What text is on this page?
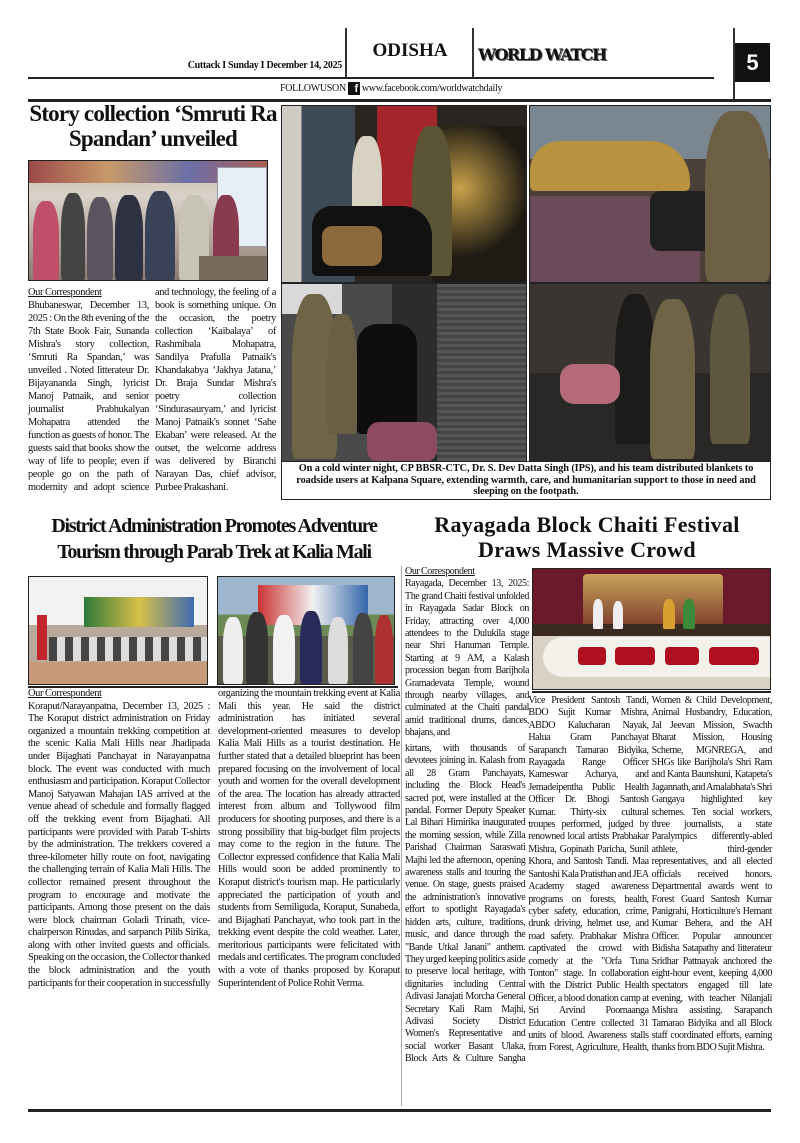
Cuttack I Sunday I December 14, 2025
ODISHA	WORLD WATCH	5
FOLLOWUSON f www.facebook.com/worldwatchdaily
Story collection ‘Smruti Ra Spandan’ unveiled
Our Correspondent
Bhubaneswar, December 13, 2025 : On the 8th evening of the 7th State Book Fair, Sunanda Mishra's story collection, ‘Smruti Ra Spandan,’ was unveiled . Noted litterateur Dr. Bijayananda Singh, lyricist Manoj Patnaik, and senior journalist Prabhukalyan Mohapatra attended the function as guests of honor. The guests said that books show the way of life to people; even if people go on the path of modernity and adopt science and technology, the feeling of a book is something unique. On the occasion, the poetry collection ‘Kaibalaya’ of Rashmibala Mohapatra, Sandilya Prafulla Patnaik's Khandakabya ‘Jakhya Jatana,’ Dr. Braja Sundar Mishra's poetry collection ‘Sindurasauryam,’ and lyricist Manoj Patnaik's sonnet ‘Sahe Ekaban’ were released. At the outset, the welcome address was delivered by Biranchi Narayan Das, chief advisor, Purbee Prakashani.
On a cold winter night, CP BBSR-CTC, Dr. S. Dev Datta Singh (IPS), and his team distributed blankets to roadside users at Kalpana Square, extending warmth, care, and humanitarian support to those in need and sleeping on the footpath.
District Administration Promotes Adventure Tourism through Parab Trek at Kalia Mali
Our Correspondent
Koraput/Narayanpatna, December 13, 2025 : The Koraput district administration on Friday organized a mountain trekking competition at the scenic Kalia Mali Hills near Jhadipada under Bijaghati Panchayat in Narayanpatna block. The event was conducted with much enthusiasm and participation. Koraput Collector Manoj Satyawan Mahajan IAS arrived at the venue ahead of schedule and formally flagged off the trekking event from Bijaghati. All participants were provided with Parab T-shirts by the administration. The trekkers covered a three-kilometer hilly route on foot, navigating the challenging terrain of Kalia Mali Hills. The collector remained present throughout the program to encourage and motivate the participants. Among those present on the dais were block chairman Goladi Trinath, vice-chairperson Rinudas, and sarpanch Pilib Sirika, along with other invited guests and officials. Speaking on the occasion, the Collector thanked the block administration and the youth participants for their cooperation in successfully organizing the mountain trekking event at Kalia Mali this year. He said the district administration has initiated several development-oriented measures to develop Kalia Mali Hills as a tourist destination. He further stated that a detailed blueprint has been prepared focusing on the involvement of local youth and women for the overall development of the area. The location has already attracted interest from album and Tollywood film producers for shooting purposes, and there is a strong possibility that big-budget film projects may come to the region in the future. The Collector expressed confidence that Kalia Mali Hills would soon be added prominently to Koraput district's tourism map. He particularly appreciated the participation of youth and students from Semiliguda, Koraput, Sunabeda, and Bijaghati Panchayat, who took part in the trekking event despite the cold weather. Later, meritorious participants were felicitated with medals and certificates. The program concluded with a vote of thanks proposed by Koraput Superintendent of Police Rohit Verma.
Rayagada Block Chaiti Festival Draws Massive Crowd
Our Correspondent
Rayagada, December 13, 2025: The grand Chaiti festival unfolded in Rayagada Sadar Block on Friday, attracting over 4,000 attendees to the Dulukila stage near Shri Hanuman Temple. Starting at 9 AM, a Kalash procession began from Barijhola Gramadevata Temple, wound through nearby villages, and culminated at the Chaiti pandal amid traditional drums, dances, bhajans, and
kirtans, with thousands of devotees joining in. Kalash from all 28 Gram Panchayats, including the Block Head's sacred pot, were installed at the pandal. Former Deputy Speaker Lal Bihari Himirika inaugurated the morning session, while Zilla Parishad Chairman Saraswati Majhi led the afternoon, opening awareness stalls and touring the venue. On stage, guests praised the administration's innovative effort to spotlight Rayagada's hidden arts, culture, traditions, music, and dance through the "Bande Utkal Janani" anthem. They urged keeping politics aside to preserve local heritage, with dignitaries including Central Adivasi Janajati Morcha General Secretary Kali Ram Majhi, Adivasi Society District Women's Representative and social worker Basant Ulaka, Block Arts & Culture Sangha Vice President Santosh Tandi, BDO Sujit Kumar Mishra, ABDO Kalucharan Nayak, Halua Gram Panchayat Sarapanch Tamarao Bidyika, Rayagada Range Officer Kameswar Acharya, and Jemadeipentha Public Health Officer Dr. Bhogi Santosh Kumar. Thirty-six cultural troupes performed, judged by renowned local artists Prabhakar Mishra, Gopinath Paricha, Sunil Khora, and Santosh Tandi. Maa Santoshi Kala Pratisthan and JEA Academy staged awareness programs on forests, health, cyber safety, education, crime, drunk driving, helmet use, and road safety. Prabhakar Mishra captivated the crowd with comedy at the "Orfa Tuna Tonton" stage. In collaboration with the District Public Health Officer, a blood donation camp at Sri Arvind Poornaanga Education Centre collected 31 units of blood. Awareness stalls from Forest, Agriculture, Health, Women & Child Development, Animal Husbandry, Education, Jal Jeevan Mission, Swachh Bharat Mission, Housing Scheme, MGNREGA, and SHGs like Barijhola's Shri Ram and Kanta Baunshuni, Katapeta's Jagannath, and Amalabhata's Shri Gangaya highlighted key schemes. Ten social workers, three journalists, a state Paralympics differently-abled athlete, third-gender representatives, and all elected officials received honors. Departmental awards went to Forest Guard Santosh Kumar Panigrahi, Horticulture's Hemant Kumar Behera, and the AH Officer. Popular announcer Bidisha Satapathy and litterateur Sridhar Pattnayak anchored the eight-hour event, keeping 4,000 spectators engaged till late evening, with teacher Nilanjali Mishra assisting. Sarapanch Tamarao Bidyika and all Block staff coordinated efforts, earning thanks from BDO Sujit Mishra.
